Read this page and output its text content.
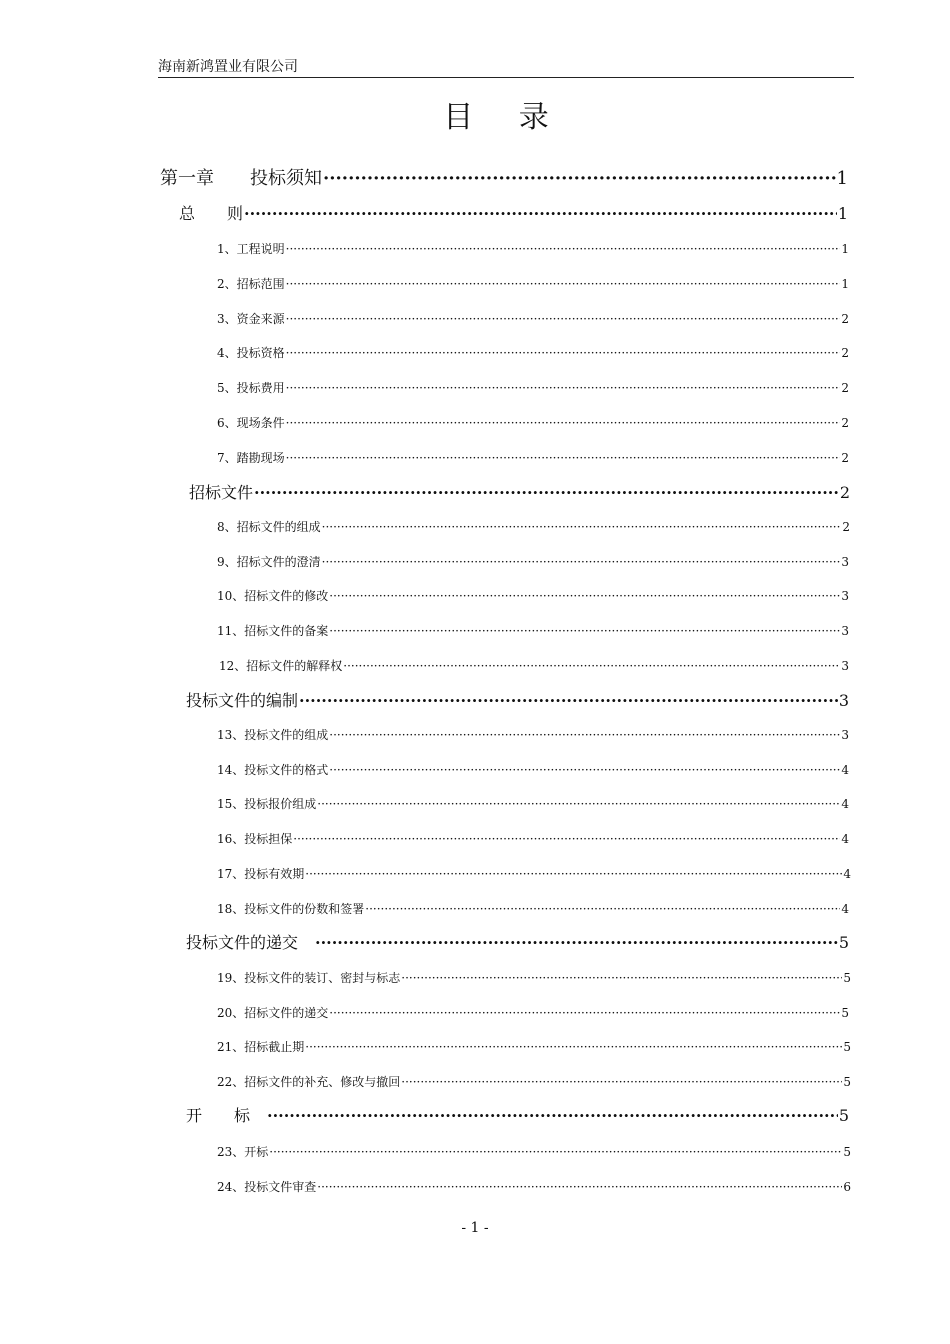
海南新鸿置业有限公司
目 录
第一章　　投标须知 ·····	1
总　　则 ·····	1
1、工程说明 ·····	1
2、招标范围 ·····	1
3、资金来源 ·····	2
4、投标资格 ·····	2
5、投标费用 ·····	2
6、现场条件 ·····	2
7、踏勘现场 ·····	2
招标文件 ·····	2
8、招标文件的组成 ·····	2
9、招标文件的澄清 ·····	3
10、招标文件的修改 ·····	3
11、招标文件的备案 ·····	3
12、招标文件的解释权 ·····	3
投标文件的编制 ·····	3
13、投标文件的组成 ·····	3
14、投标文件的格式 ·····	4
15、投标报价组成 ·····	4
16、投标担保 ·····	4
17、投标有效期 ·····	4
18、投标文件的份数和签署 ·····	4
投标文件的递交　 ·····	5
19、投标文件的装订、密封与标志 ·····	5
20、招标文件的递交 ·····	5
21、招标截止期 ·····	5
22、招标文件的补充、修改与撤回 ·····	5
开　　标　 ·····	5
23、开标 ·····	5
24、投标文件审查 ·····	6
- 1 -
